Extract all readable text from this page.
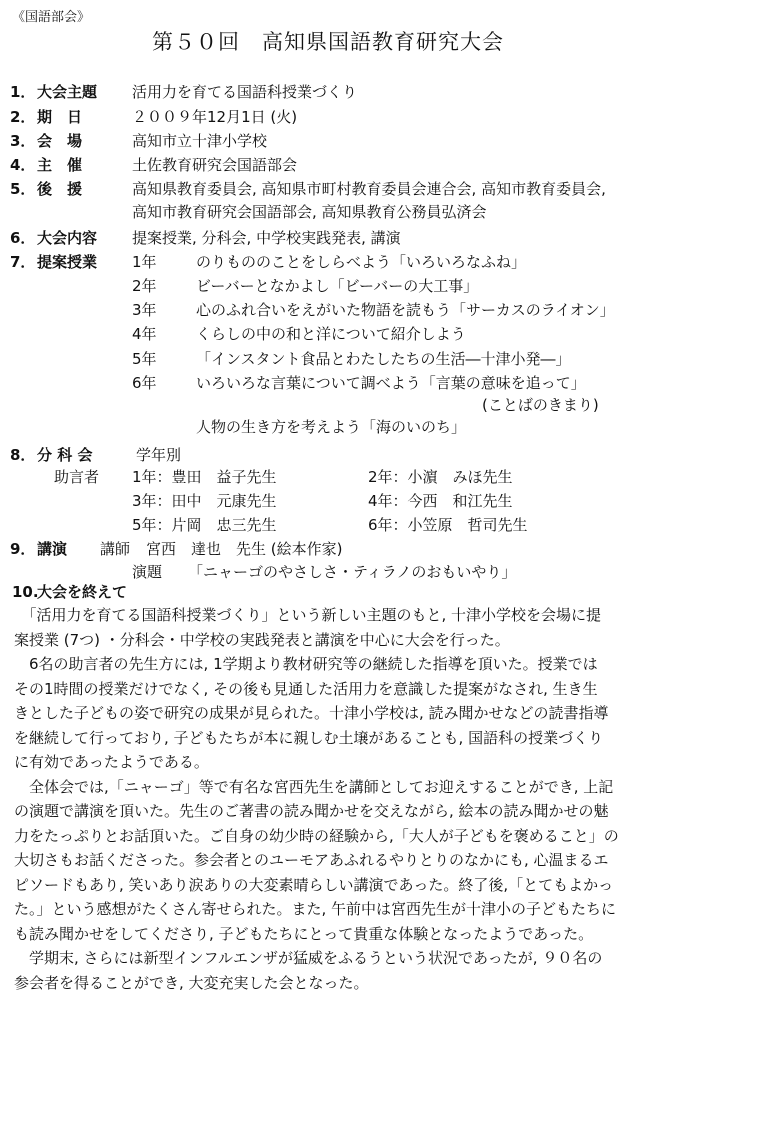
《国語部会》
第５０回　高知県国語教育研究大会
1． 大会主題 活用力を育てる国語科授業づくり
2． 期　日	２００９年12月1日 (火)
3． 会　場	高知市立十津小学校
4． 主　催	土佐教育研究会国語部会
5． 後　援	高知県教育委員会, 高知県市町村教育委員会連合会, 高知市教育委員会,
高知市教育研究会国語部会, 高知県教育公務員弘済会
6． 大会内容 提案授業, 分科会, 中学校実践発表, 講演
7． 提案授業 1年	のりもののことをしらべよう「いろいろなふね」
2年	ビーバーとなかよし「ビーバーの大工事」
3年	心のふれ合いをえがいた物語を読もう「サーカスのライオン」
4年	くらしの中の和と洋について紹介しよう
5年	「インスタント食品とわたしたちの生活―十津小発―」
6年	いろいろな言葉について調べよう「言葉の意味を追って」
(ことばのきまり)
人物の生き方を考えよう「海のいのち」
8． 分 科 会	学年別
助言者 1年：豊田　益子先生	2年：小濵　みほ先生
3年：田中　元康先生	4年：今西　和江先生
5年：片岡　忠三先生	6年：小笠原　哲司先生
9． 講演 講師 宮西　達也　先生 (絵本作家)
演題 「ニャーゴのやさしさ・ティラノのおもいやり」
10.
大会を終えて

　「活用力を育てる国語科授業づくり」という新しい主題のもと, 十津小学校を会場に提

案授業 (7つ) ・分科会・中学校の実践発表と講演を中心に大会を行った。

　6名の助言者の先生方には, 1学期より教材研究等の継続した指導を頂いた。授業では

その1時間の授業だけでなく, その後も見通した活用力を意識した提案がなされ, 生き生

きとした子どもの姿で研究の成果が見られた。十津小学校は, 読み聞かせなどの読書指導

を継続して行っており, 子どもたちが本に親しむ土壌があることも, 国語科の授業づくり

に有効であったようである。

　全体会では,「ニャーゴ」等で有名な宮西先生を講師としてお迎えすることができ, 上記

の演題で講演を頂いた。先生のご著書の読み聞かせを交えながら, 絵本の読み聞かせの魅

力をたっぷりとお話頂いた。ご自身の幼少時の経験から,「大人が子どもを褒めること」の

大切さもお話くださった。参会者とのユーモアあふれるやりとりのなかにも, 心温まるエ

ピソードもあり, 笑いあり涙ありの大変素晴らしい講演であった。終了後,「とてもよかっ

た。」という感想がたくさん寄せられた。また, 午前中は宮西先生が十津小の子どもたちに

も読み聞かせをしてくださり, 子どもたちにとって貴重な体験となったようであった。

　学期末, さらには新型インフルエンザが猛威をふるうという状況であったが, ９０名の

参会者を得ることができ, 大変充実した会となった。
